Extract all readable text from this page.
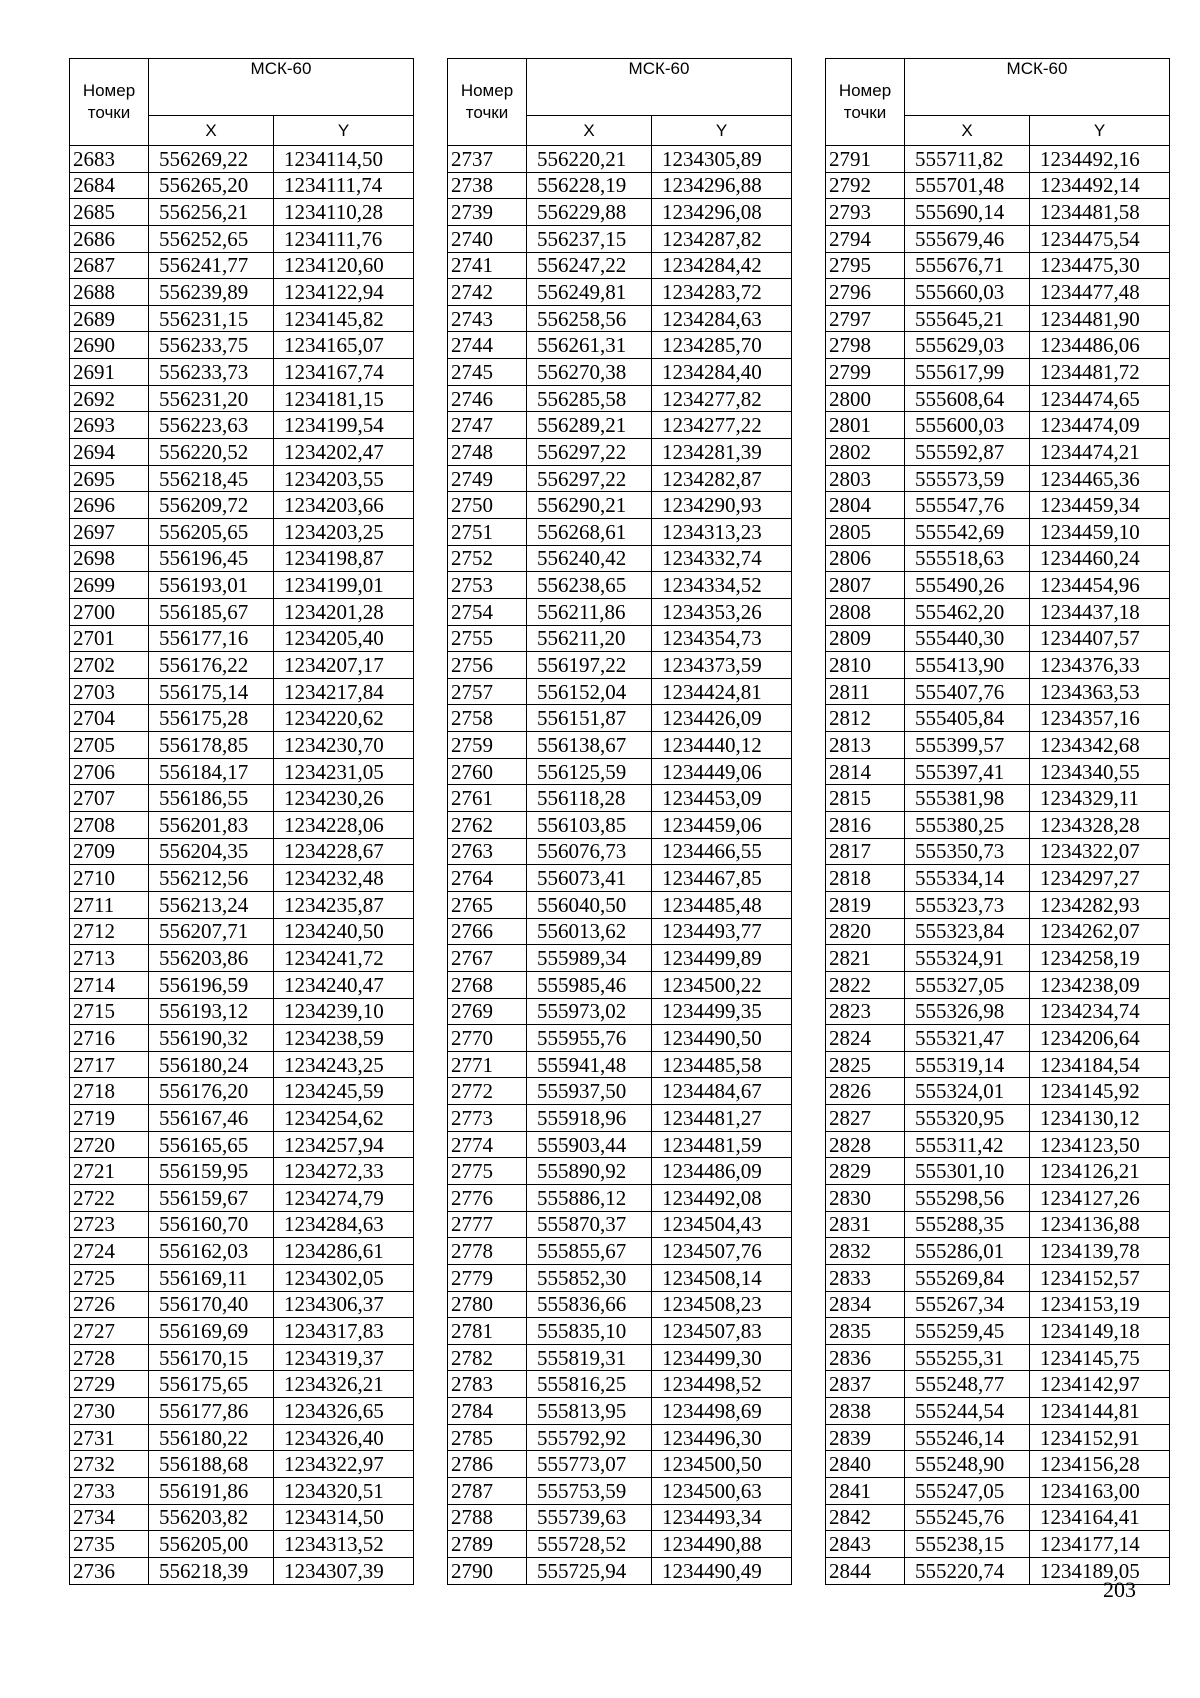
Номер точки	МСК-60	
	X	Y
2683	556269,22	1234114,50
2684	556265,20	1234111,74
2685	556256,21	1234110,28
2686	556252,65	1234111,76
2687	556241,77	1234120,60
2688	556239,89	1234122,94
2689	556231,15	1234145,82
2690	556233,75	1234165,07
2691	556233,73	1234167,74
2692	556231,20	1234181,15
2693	556223,63	1234199,54
2694	556220,52	1234202,47
2695	556218,45	1234203,55
2696	556209,72	1234203,66
2697	556205,65	1234203,25
2698	556196,45	1234198,87
2699	556193,01	1234199,01
2700	556185,67	1234201,28
2701	556177,16	1234205,40
2702	556176,22	1234207,17
2703	556175,14	1234217,84
2704	556175,28	1234220,62
2705	556178,85	1234230,70
2706	556184,17	1234231,05
2707	556186,55	1234230,26
2708	556201,83	1234228,06
2709	556204,35	1234228,67
2710	556212,56	1234232,48
2711	556213,24	1234235,87
2712	556207,71	1234240,50
2713	556203,86	1234241,72
2714	556196,59	1234240,47
2715	556193,12	1234239,10
2716	556190,32	1234238,59
2717	556180,24	1234243,25
2718	556176,20	1234245,59
2719	556167,46	1234254,62
2720	556165,65	1234257,94
2721	556159,95	1234272,33
2722	556159,67	1234274,79
2723	556160,70	1234284,63
2724	556162,03	1234286,61
2725	556169,11	1234302,05
2726	556170,40	1234306,37
2727	556169,69	1234317,83
2728	556170,15	1234319,37
2729	556175,65	1234326,21
2730	556177,86	1234326,65
2731	556180,22	1234326,40
2732	556188,68	1234322,97
2733	556191,86	1234320,51
2734	556203,82	1234314,50
2735	556205,00	1234313,52
2736	556218,39	1234307,39
Номер точки	МСК-60	
	X	Y
2737	556220,21	1234305,89
2738	556228,19	1234296,88
2739	556229,88	1234296,08
2740	556237,15	1234287,82
2741	556247,22	1234284,42
2742	556249,81	1234283,72
2743	556258,56	1234284,63
2744	556261,31	1234285,70
2745	556270,38	1234284,40
2746	556285,58	1234277,82
2747	556289,21	1234277,22
2748	556297,22	1234281,39
2749	556297,22	1234282,87
2750	556290,21	1234290,93
2751	556268,61	1234313,23
2752	556240,42	1234332,74
2753	556238,65	1234334,52
2754	556211,86	1234353,26
2755	556211,20	1234354,73
2756	556197,22	1234373,59
2757	556152,04	1234424,81
2758	556151,87	1234426,09
2759	556138,67	1234440,12
2760	556125,59	1234449,06
2761	556118,28	1234453,09
2762	556103,85	1234459,06
2763	556076,73	1234466,55
2764	556073,41	1234467,85
2765	556040,50	1234485,48
2766	556013,62	1234493,77
2767	555989,34	1234499,89
2768	555985,46	1234500,22
2769	555973,02	1234499,35
2770	555955,76	1234490,50
2771	555941,48	1234485,58
2772	555937,50	1234484,67
2773	555918,96	1234481,27
2774	555903,44	1234481,59
2775	555890,92	1234486,09
2776	555886,12	1234492,08
2777	555870,37	1234504,43
2778	555855,67	1234507,76
2779	555852,30	1234508,14
2780	555836,66	1234508,23
2781	555835,10	1234507,83
2782	555819,31	1234499,30
2783	555816,25	1234498,52
2784	555813,95	1234498,69
2785	555792,92	1234496,30
2786	555773,07	1234500,50
2787	555753,59	1234500,63
2788	555739,63	1234493,34
2789	555728,52	1234490,88
2790	555725,94	1234490,49
Номер точки	МСК-60	
	X	Y
2791	555711,82	1234492,16
2792	555701,48	1234492,14
2793	555690,14	1234481,58
2794	555679,46	1234475,54
2795	555676,71	1234475,30
2796	555660,03	1234477,48
2797	555645,21	1234481,90
2798	555629,03	1234486,06
2799	555617,99	1234481,72
2800	555608,64	1234474,65
2801	555600,03	1234474,09
2802	555592,87	1234474,21
2803	555573,59	1234465,36
2804	555547,76	1234459,34
2805	555542,69	1234459,10
2806	555518,63	1234460,24
2807	555490,26	1234454,96
2808	555462,20	1234437,18
2809	555440,30	1234407,57
2810	555413,90	1234376,33
2811	555407,76	1234363,53
2812	555405,84	1234357,16
2813	555399,57	1234342,68
2814	555397,41	1234340,55
2815	555381,98	1234329,11
2816	555380,25	1234328,28
2817	555350,73	1234322,07
2818	555334,14	1234297,27
2819	555323,73	1234282,93
2820	555323,84	1234262,07
2821	555324,91	1234258,19
2822	555327,05	1234238,09
2823	555326,98	1234234,74
2824	555321,47	1234206,64
2825	555319,14	1234184,54
2826	555324,01	1234145,92
2827	555320,95	1234130,12
2828	555311,42	1234123,50
2829	555301,10	1234126,21
2830	555298,56	1234127,26
2831	555288,35	1234136,88
2832	555286,01	1234139,78
2833	555269,84	1234152,57
2834	555267,34	1234153,19
2835	555259,45	1234149,18
2836	555255,31	1234145,75
2837	555248,77	1234142,97
2838	555244,54	1234144,81
2839	555246,14	1234152,91
2840	555248,90	1234156,28
2841	555247,05	1234163,00
2842	555245,76	1234164,41
2843	555238,15	1234177,14
2844	555220,74	1234189,05
203
